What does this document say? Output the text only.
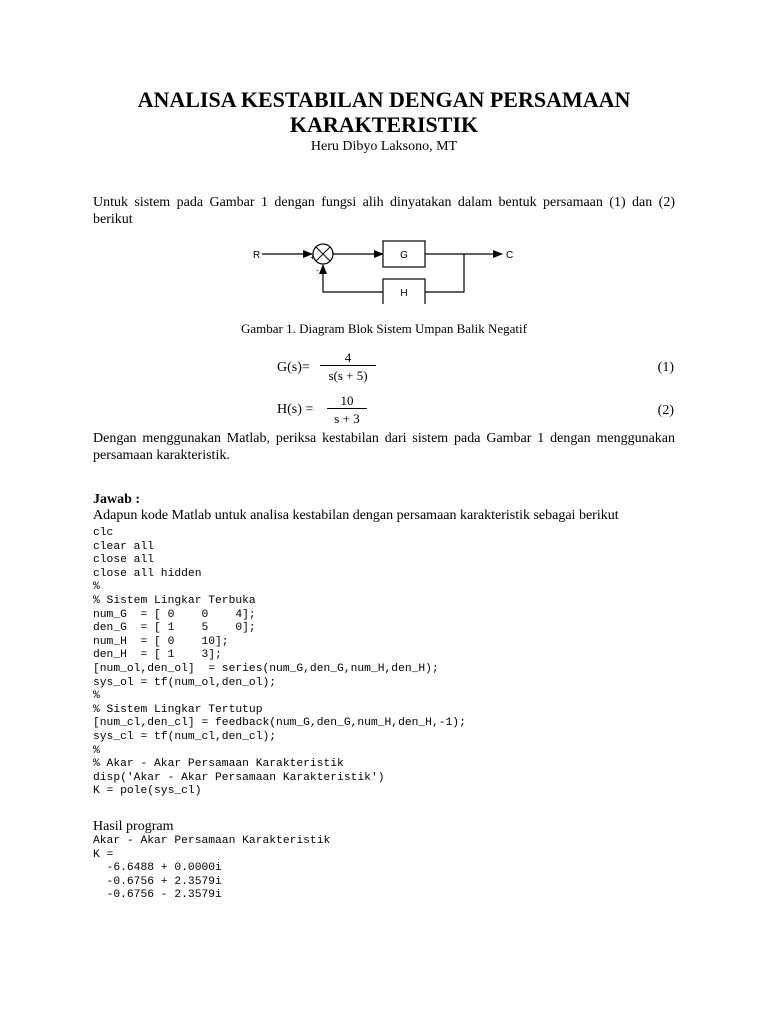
ANALISA KESTABILAN DENGAN PERSAMAAN KARAKTERISTIK
Heru Dibyo Laksono, MT
Untuk sistem pada Gambar 1 dengan fungsi alih dinyatakan dalam bentuk persamaan (1) dan (2) berikut
R	+
-
G	C
H
Gambar 1. Diagram Blok Sistem Umpan Balik Negatif
$G(s)= \frac{4}{s(s + 5)}$	(1)
$H(s) = \frac{10}{s + 3}$	(2)
Dengan menggunakan Matlab, periksa kestabilan dari sistem pada Gambar 1 dengan menggunakan persamaan karakteristik.
Jawab :
Adapun kode Matlab untuk analisa kestabilan dengan persamaan karakteristik sebagai berikut
clc
clear all
close all
close all hidden
%
% Sistem Lingkar Terbuka
num_G  = [ 0    0    4];
den_G  = [ 1    5    0];
num_H  = [ 0    10];
den_H  = [ 1    3];
[num_ol,den_ol]  = series(num_G,den_G,num_H,den_H);
sys_ol = tf(num_ol,den_ol);
%
% Sistem Lingkar Tertutup
[num_cl,den_cl] = feedback(num_G,den_G,num_H,den_H,-1);
sys_cl = tf(num_cl,den_cl);
%
% Akar - Akar Persamaan Karakteristik
disp('Akar - Akar Persamaan Karakteristik')
K = pole(sys_cl)
Hasil program
Akar - Akar Persamaan Karakteristik
K =
-6.6488 + 0.0000i
-0.6756 + 2.3579i
-0.6756 - 2.3579i
